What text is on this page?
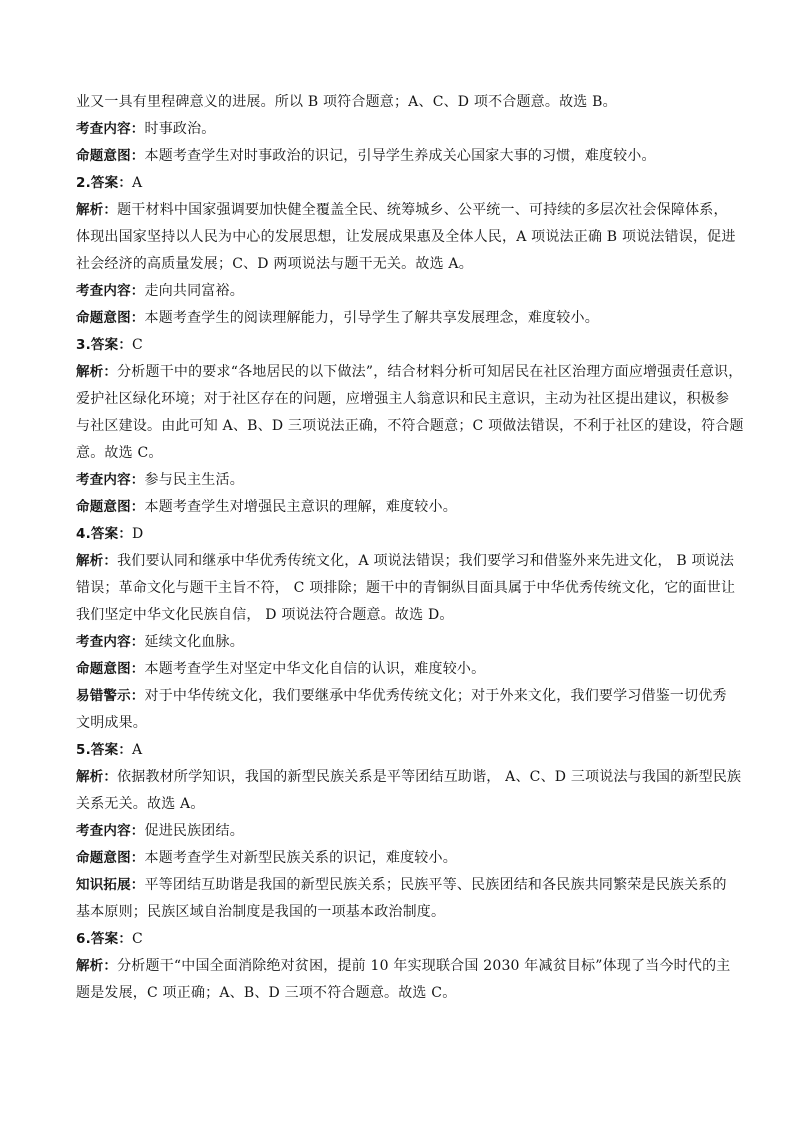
业又一具有里程碑意义的进展。所以 B 项符合题意；A、C、D 项不合题意。故选 B。
考查内容：时事政治。
命题意图：本题考查学生对时事政治的识记，引导学生养成关心国家大事的习惯，难度较小。
2.答案：A
解析：题干材料中国家强调要加快健全覆盖全民、统筹城乡、公平统一、可持续的多层次社会保障体系，
体现出国家坚持以人民为中心的发展思想，让发展成果惠及全体人民，A 项说法正确 B 项说法错误，促进
社会经济的高质量发展；C、D 两项说法与题干无关。故选 A。
考查内容：走向共同富裕。
命题意图：本题考查学生的阅读理解能力，引导学生了解共享发展理念，难度较小。
3.答案：C
解析：分析题干中的要求“各地居民的以下做法”，结合材料分析可知居民在社区治理方面应增强责任意识，
爱护社区绿化环境；对于社区存在的问题，应增强主人翁意识和民主意识，主动为社区提出建议，积极参
与社区建设。由此可知 A、B、D 三项说法正确，不符合题意；C 项做法错误，不利于社区的建设，符合题
意。故选 C。
考查内容：参与民主生活。
命题意图：本题考查学生对增强民主意识的理解，难度较小。
4.答案：D
解析：我们要认同和继承中华优秀传统文化，A 项说法错误；我们要学习和借鉴外来先进文化， B 项说法
错误；革命文化与题干主旨不符， C 项排除；题干中的青铜纵目面具属于中华优秀传统文化，它的面世让
我们坚定中华文化民族自信， D 项说法符合题意。故选 D。
考查内容：延续文化血脉。
命题意图：本题考查学生对坚定中华文化自信的认识，难度较小。
易错警示：对于中华传统文化，我们要继承中华优秀传统文化；对于外来文化，我们要学习借鉴一切优秀
文明成果。
5.答案：A
解析：依据教材所学知识，我国的新型民族关系是平等团结互助谐， A、C、D 三项说法与我国的新型民族
关系无关。故选 A。
考查内容：促进民族团结。
命题意图：本题考查学生对新型民族关系的识记，难度较小。
知识拓展：平等团结互助谐是我国的新型民族关系；民族平等、民族团结和各民族共同繁荣是民族关系的
基本原则；民族区域自治制度是我国的一项基本政治制度。
6.答案：C
解析：分析题干“中国全面消除绝对贫困，提前 10 年实现联合国 2030 年减贫目标”体现了当今时代的主
题是发展，C 项正确；A、B、D 三项不符合题意。故选 C。
